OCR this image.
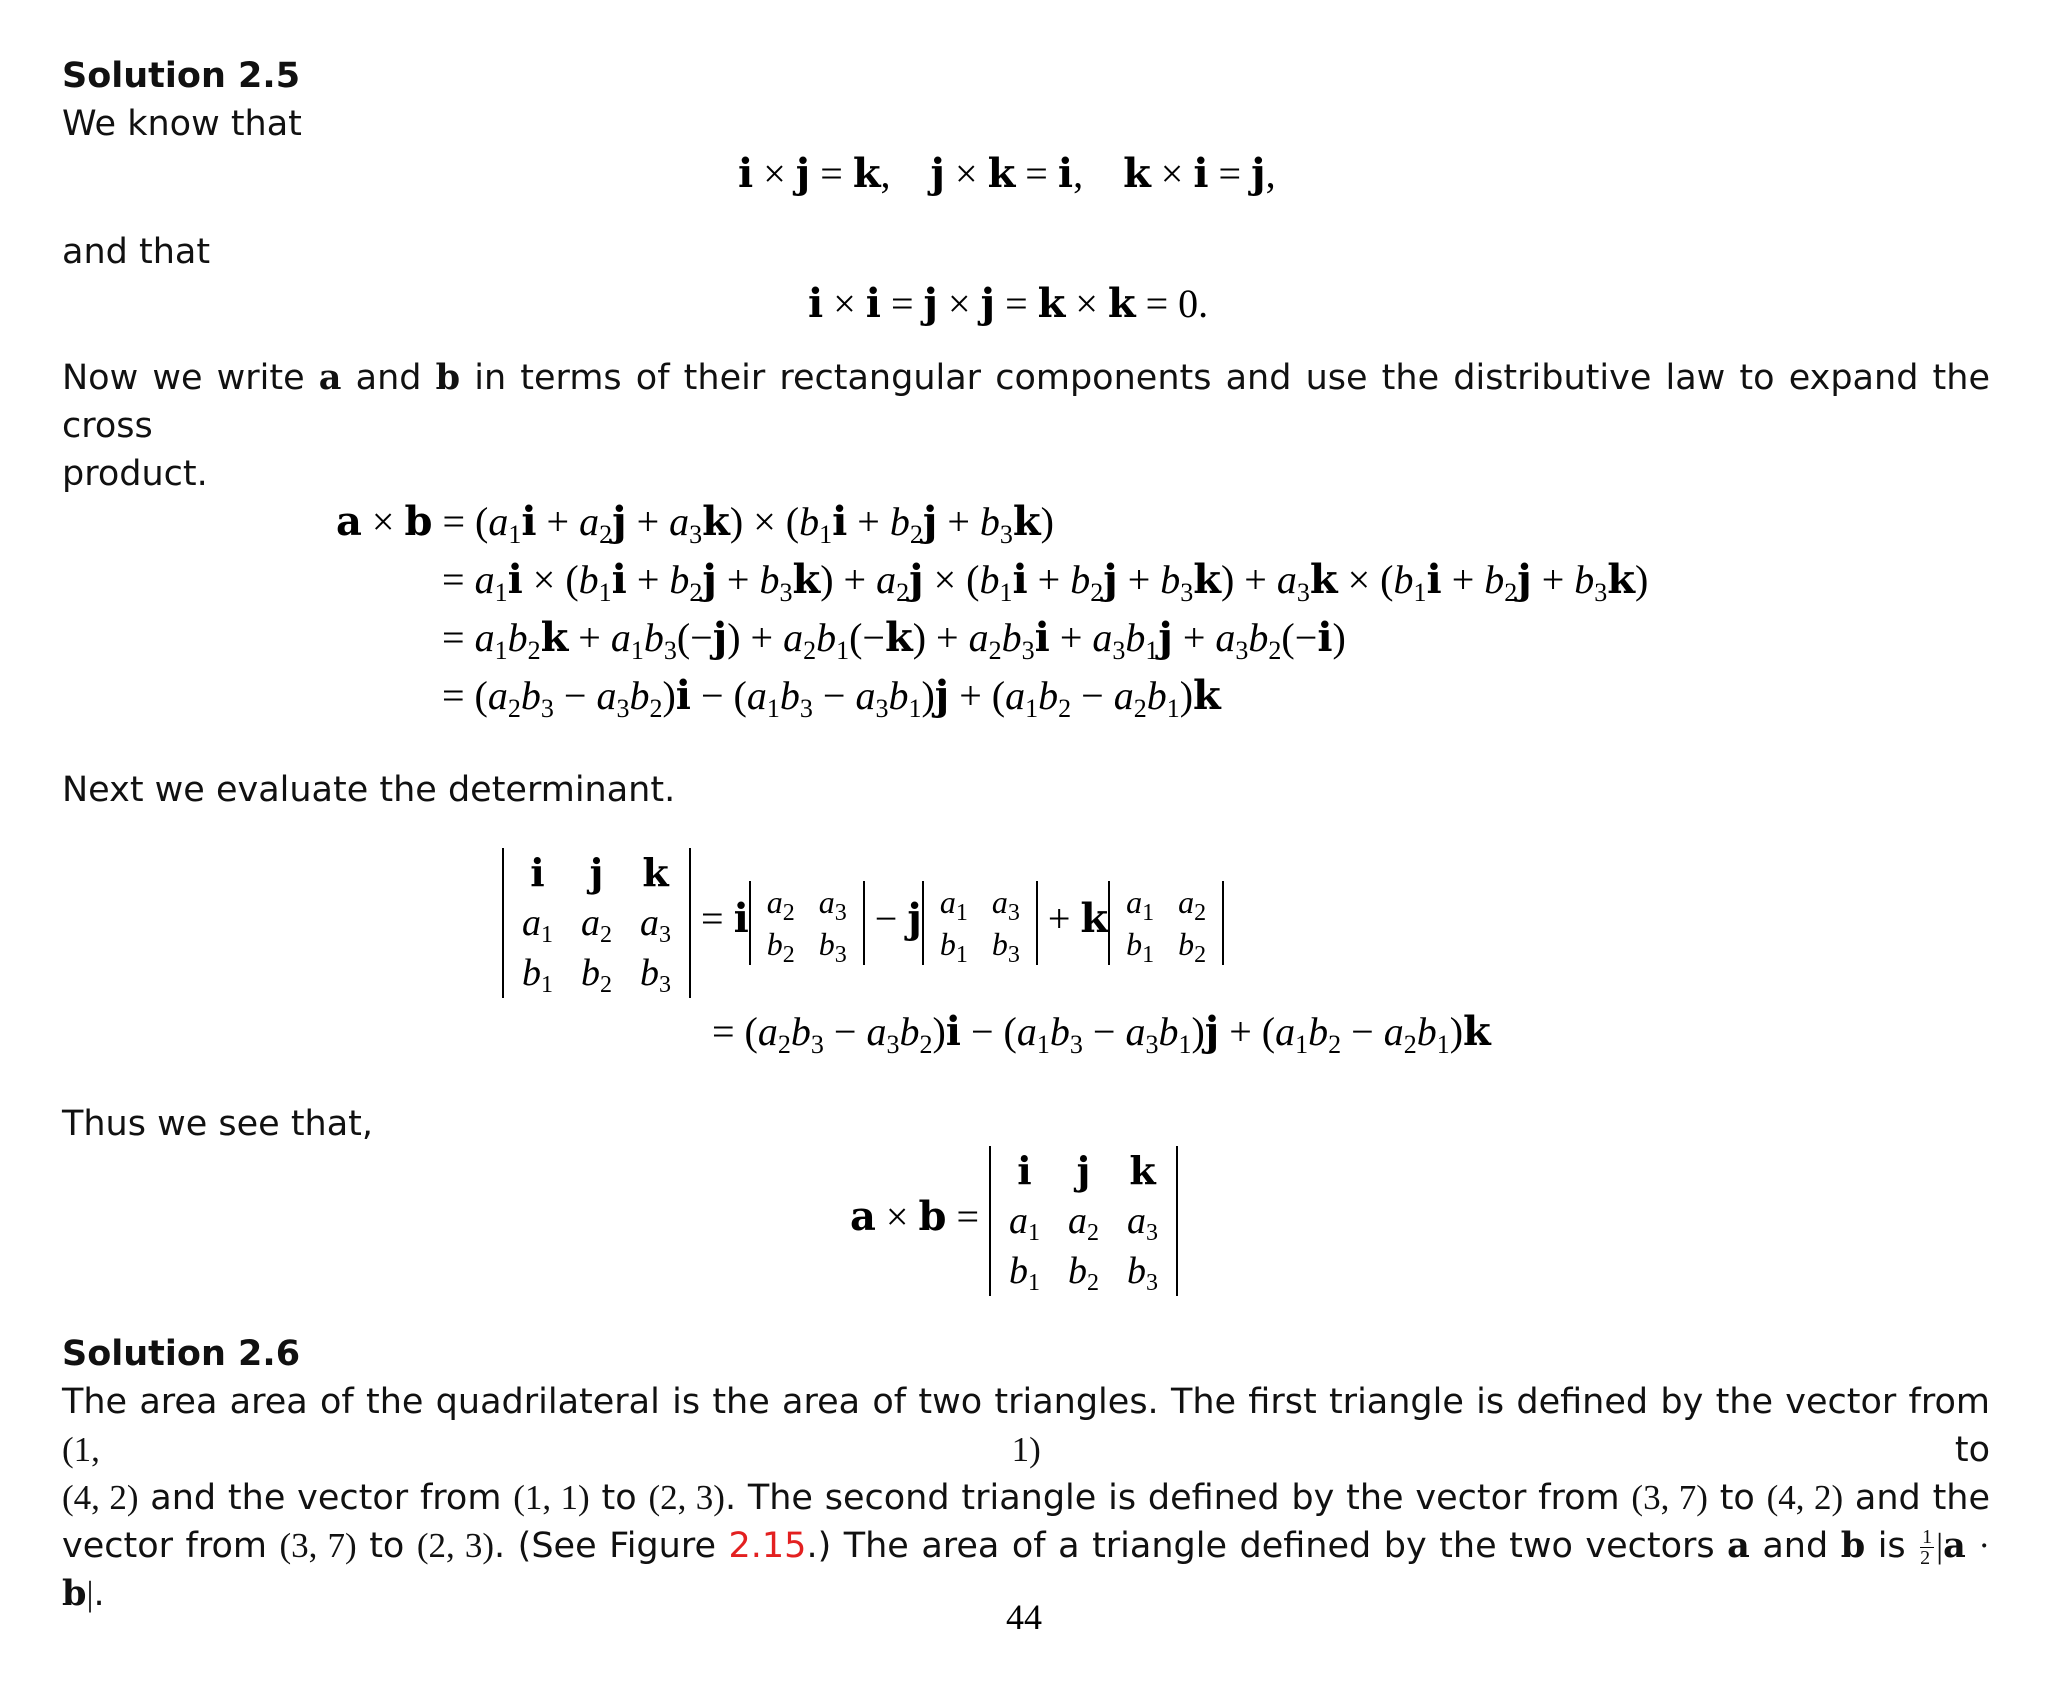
Solution 2.5
We know that
i × j = k,    j × k = i,    k × i = j,
and that
i × i = j × j = k × k = 0.
Now we write a and b in terms of their rectangular components and use the distributive law to expand the cross
product.
$a \times b = (a_1i + a_2j + a_3k) \times (b_1i + b_2j + b_3k)$
= $a_1i \times (b_1i + b_2j + b_3k) + a_2j \times (b_1i + b_2j + b_3k) + a_3k \times (b_1i + b_2j + b_3k)$
= $a_1b_2k + a_1b_3(-j) + a_2b_1(-k) + a_2b_3i + a_3b_1j + a_3b_2(-i)$
= $(a_2b_3 - a_3b_2)i - (a_1b_3 - a_3b_1)j + (a_1b_2 - a_2b_1)k$
Next we evaluate the determinant.
i	j	k
$a_1$	$a_2$	$a_3$
$b_1$	$b_2$	$b_3$
= i $a_2$	$a_3$
$b_2$	$b_3$
− j $a_1$	$a_3$
$b_1$	$b_3$
+ k $a_1$	$a_2$
$b_1$	$b_2$
= $(a_2b_3 - a_3b_2)i - (a_1b_3 - a_3b_1)j + (a_1b_2 - a_2b_1)k$
Thus we see that,
a × b =
i	j	k
$a_1$	$a_2$	$a_3$
$b_1$	$b_2$	$b_3$
Solution 2.6
The area area of the quadrilateral is the area of two triangles. The first triangle is defined by the vector from (1, 1) to
(4, 2) and the vector from (1, 1) to (2, 3). The second triangle is defined by the vector from (3, 7) to (4, 2) and the
vector from (3, 7) to (2, 3). (See Figure 2.15.) The area of a triangle defined by the two vectors a and b is $\frac{1}{2} |a \cdot b|$.
44
